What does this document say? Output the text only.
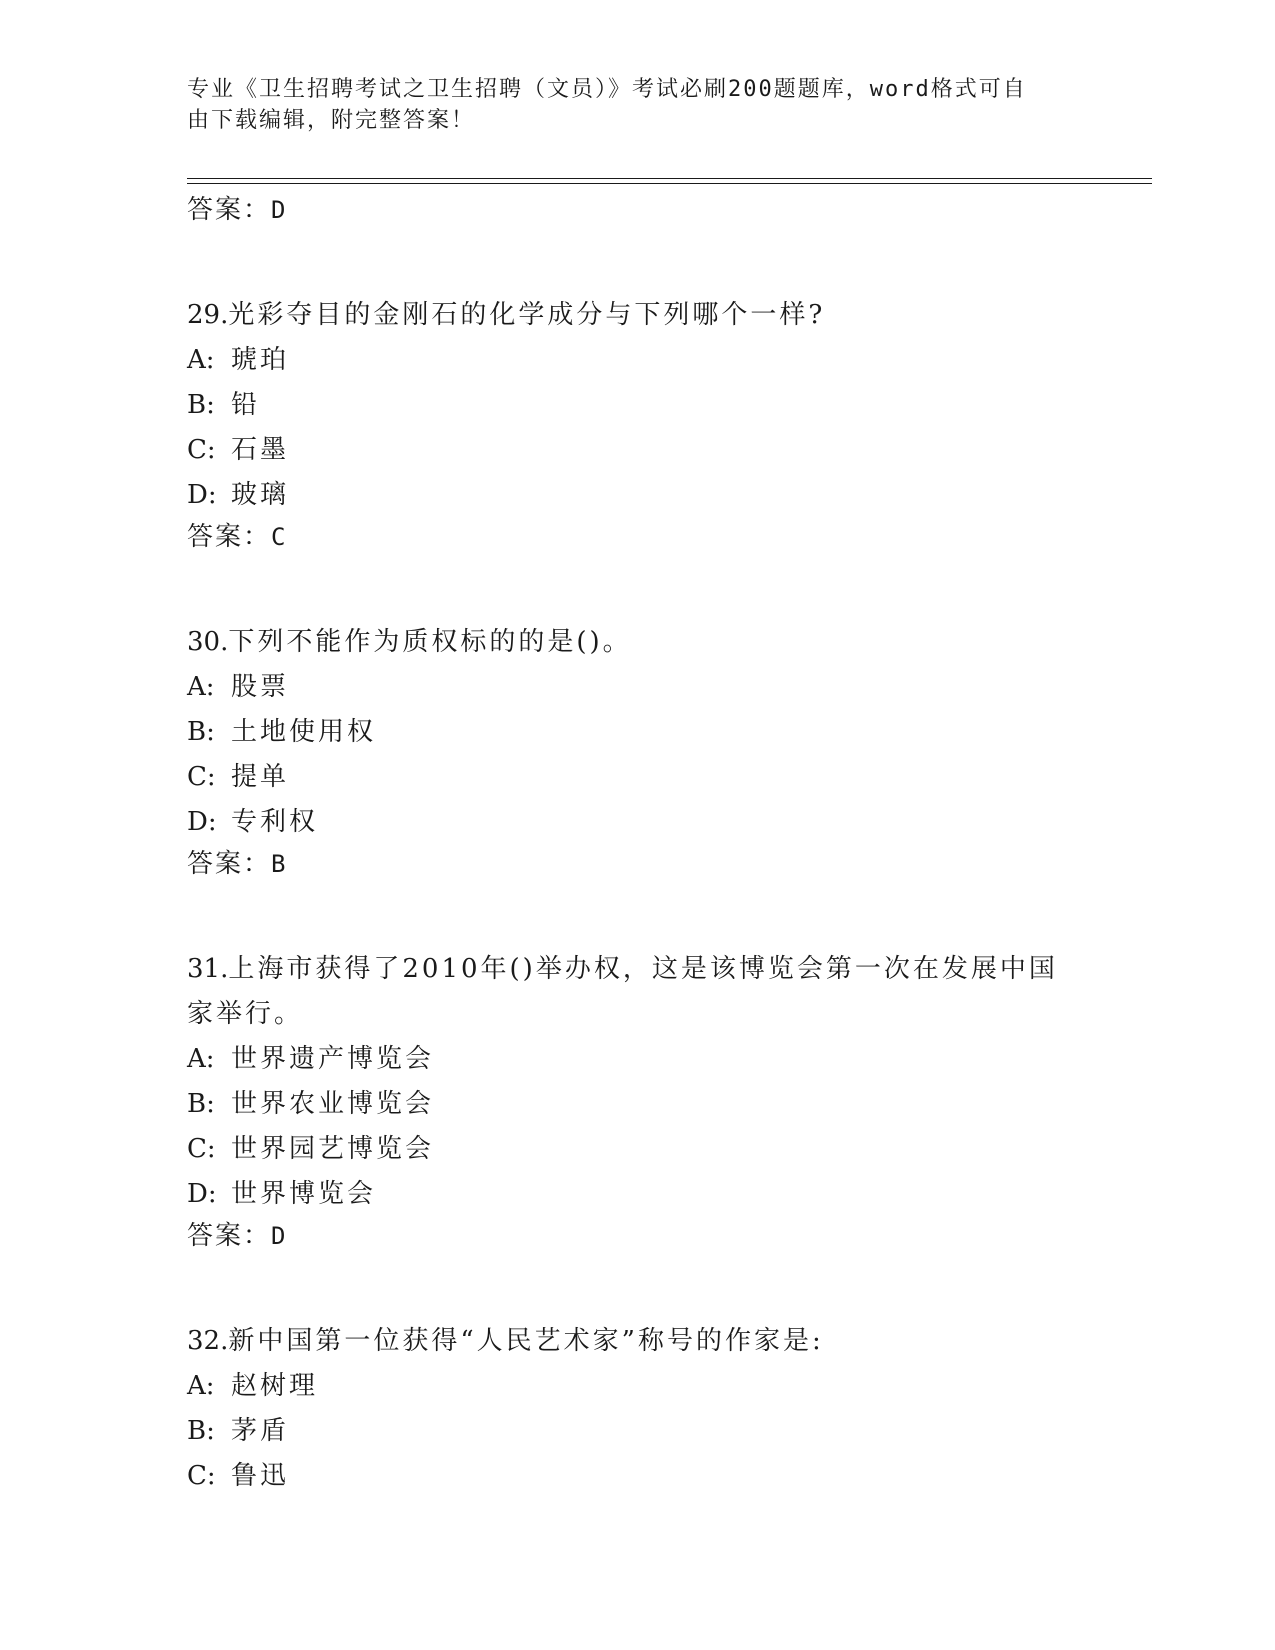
专业《卫生招聘考试之卫生招聘（文员）》考试必刷200题题库，word格式可自
由下载编辑，附完整答案！
答案：D
29.光彩夺目的金刚石的化学成分与下列哪个一样?
A: 琥珀
B: 铅
C: 石墨
D: 玻璃
答案：C
30.下列不能作为质权标的的是()。
A: 股票
B: 土地使用权
C: 提单
D: 专利权
答案：B
31.上海市获得了2010年()举办权，这是该博览会第一次在发展中国家举行。
A: 世界遗产博览会
B: 世界农业博览会
C: 世界园艺博览会
D: 世界博览会
答案：D
32.新中国第一位获得“人民艺术家”称号的作家是:
A: 赵树理
B: 茅盾
C: 鲁迅
